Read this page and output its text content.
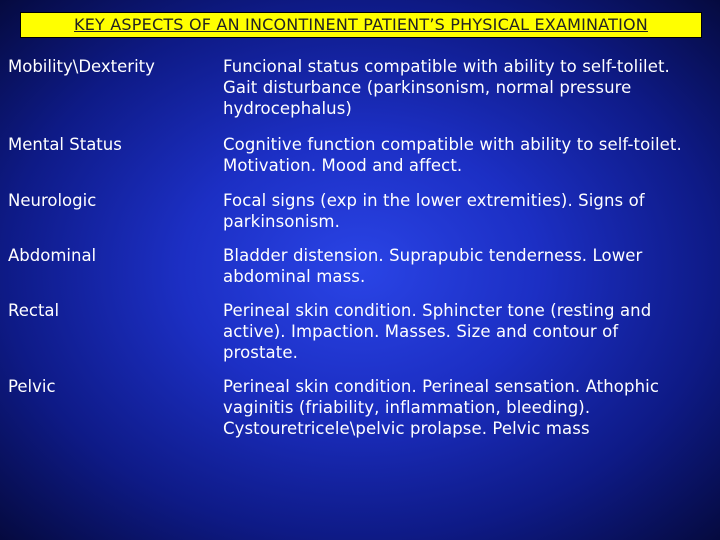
KEY ASPECTS OF AN INCONTINENT PATIENT’S PHYSICAL EXAMINATION
Mobility\Dexterity	Funcional status compatible with ability to self-tolilet. Gait disturbance (parkinsonism, normal pressure hydrocephalus)
Mental Status	Cognitive function compatible with ability to self-toilet. Motivation. Mood and affect.
Neurologic	Focal signs (exp in the lower extremities). Signs of parkinsonism.
Abdominal	Bladder distension. Suprapubic tenderness. Lower abdominal mass.
Rectal	Perineal skin condition. Sphincter tone (resting and active). Impaction. Masses. Size and contour of prostate.
Pelvic	Perineal skin condition. Perineal sensation. Athophic vaginitis (friability, inflammation, bleeding). Cystouretricele\pelvic prolapse. Pelvic mass
